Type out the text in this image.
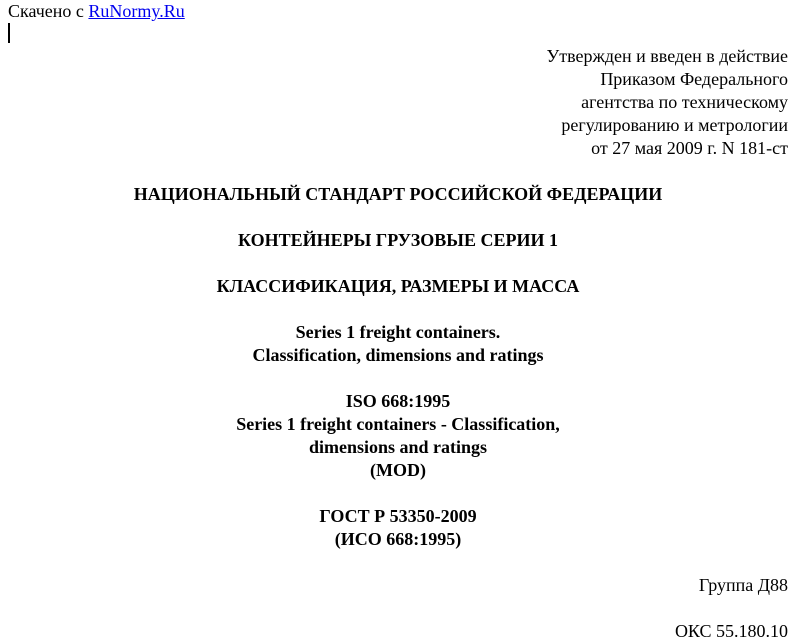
Скачено с RuNormy.Ru
Утвержден и введен в действие
Приказом Федерального
агентства по техническому
регулированию и метрологии
от 27 мая 2009 г. N 181-ст
НАЦИОНАЛЬНЫЙ СТАНДАРТ РОССИЙСКОЙ ФЕДЕРАЦИИ
КОНТЕЙНЕРЫ ГРУЗОВЫЕ СЕРИИ 1
КЛАССИФИКАЦИЯ, РАЗМЕРЫ И МАССА
Series 1 freight containers.
Classification, dimensions and ratings
ISO 668:1995
Series 1 freight containers - Classification,
dimensions and ratings
(MOD)
ГОСТ Р 53350-2009
(ИСО 668:1995)
Группа Д88
ОКС 55.180.10
